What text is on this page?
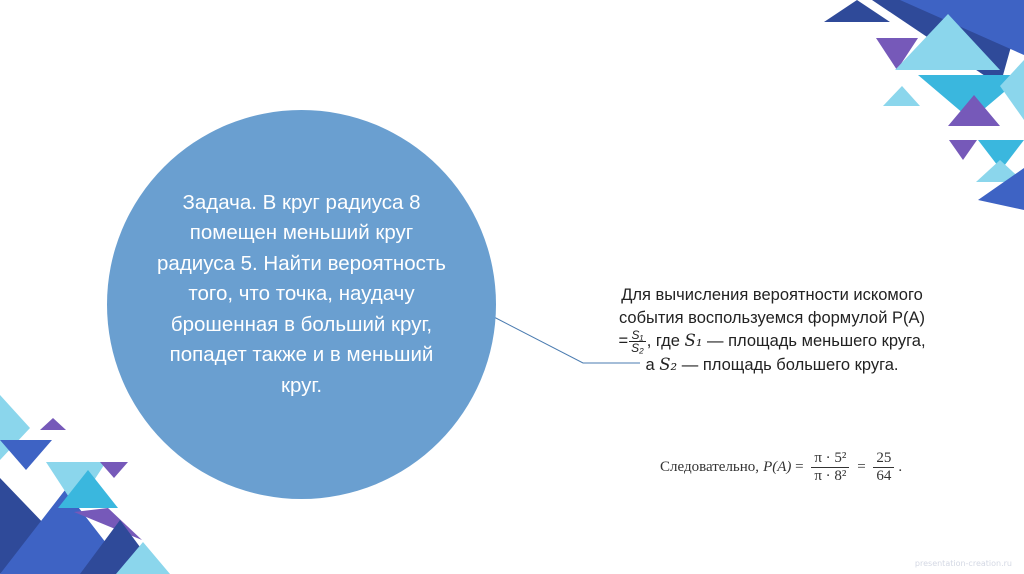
Задача. В круг радиуса 8 помещен меньший круг радиуса 5. Найти вероятность того, что точка, наудачу брошенная в больший круг, попадет также и в меньший круг.
Для вычисления вероятности искомого события воспользуемся формулой Р(А)
= $\frac{\text{S₁}}{\text{S₂}}$ , где S₁ — площадь меньшего круга, а S₂ — площадь большего круга.
Следовательно, $P(A) = \frac{\text{π · 5²}}{\text{π · 8²}} = \frac{25}{64}$ .
presentation-creation.ru
